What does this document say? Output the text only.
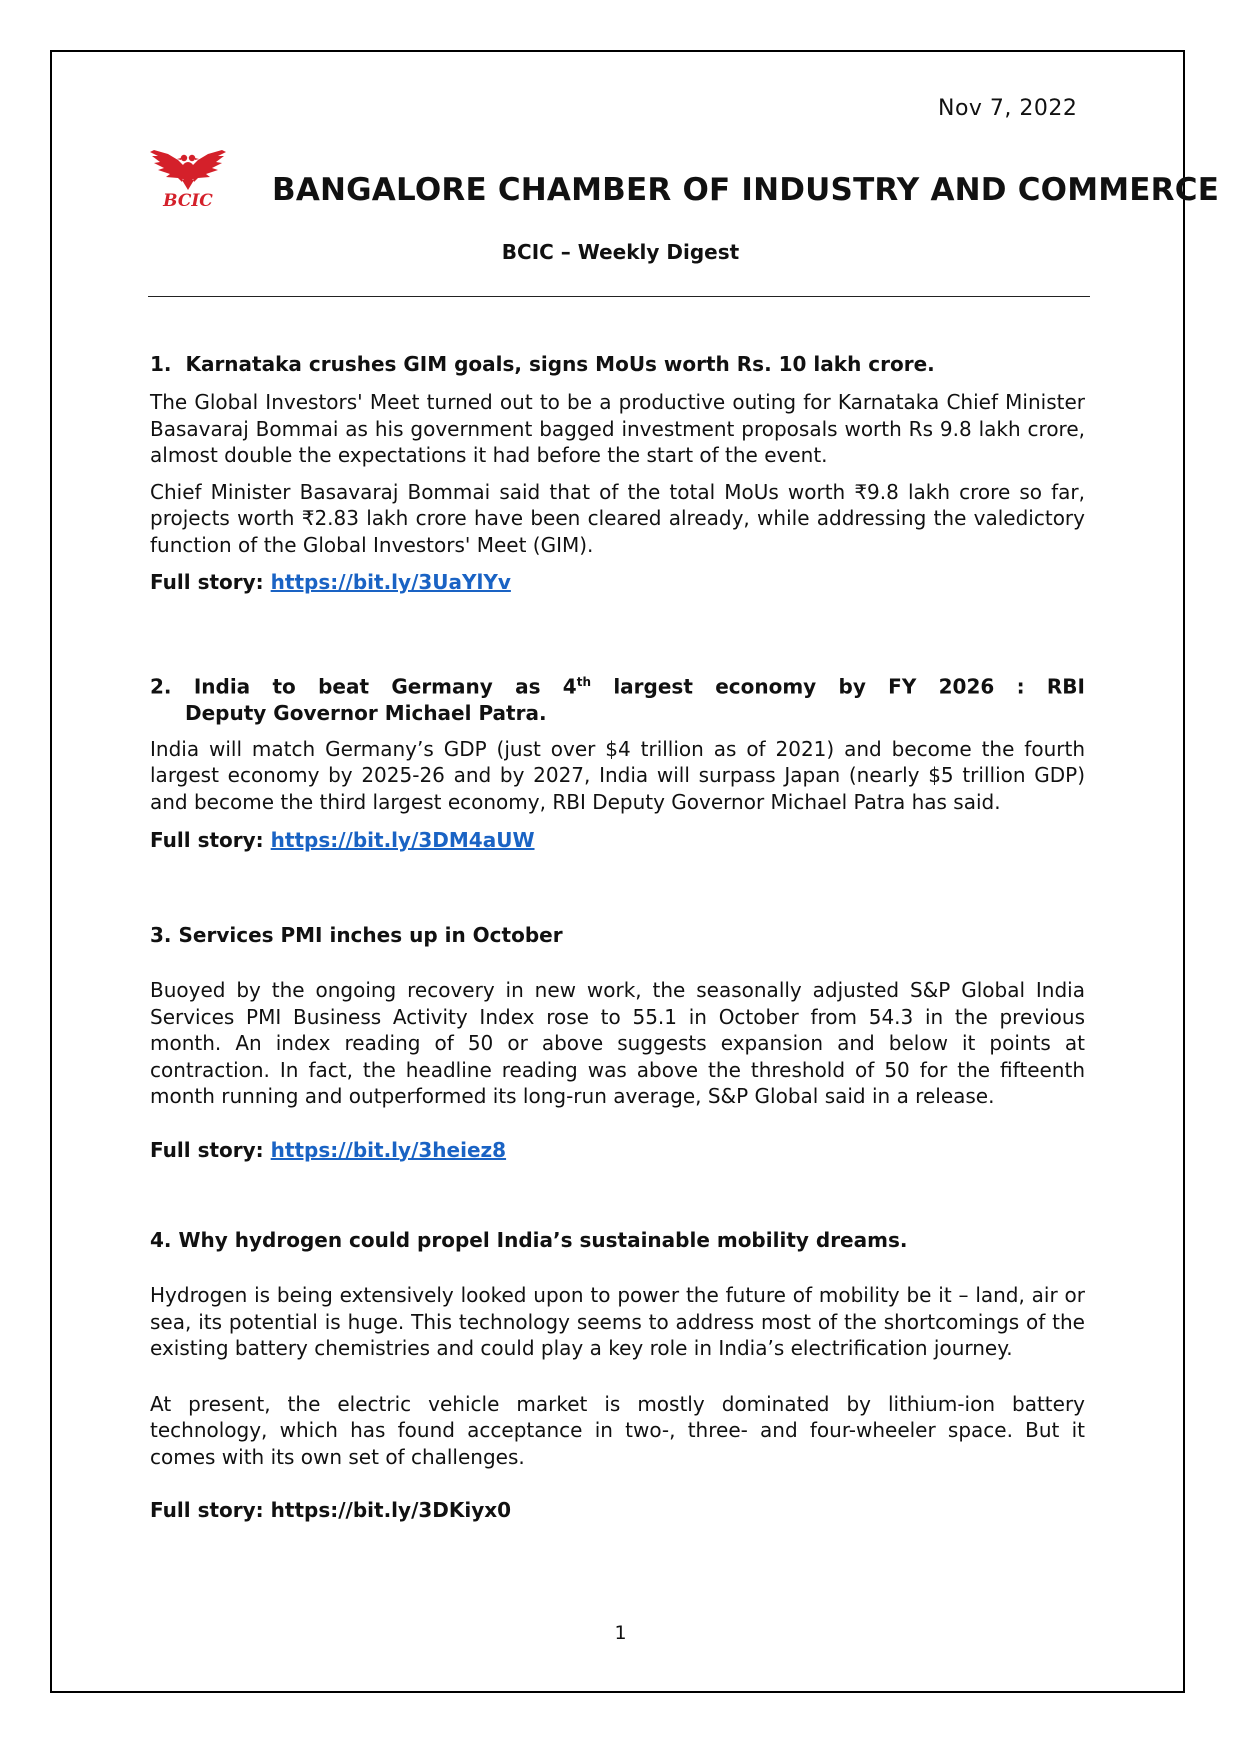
Nov 7, 2022
BCIC BANGALORE CHAMBER OF INDUSTRY AND COMMERCE
BCIC – Weekly Digest
1. Karnataka crushes GIM goals, signs MoUs worth Rs. 10 lakh crore.

The Global Investors' Meet turned out to be a productive outing for Karnataka Chief Minister Basavaraj Bommai as his government bagged investment proposals worth Rs 9.8 lakh crore, almost double the expectations it had before the start of the event.

Chief Minister Basavaraj Bommai said that of the total MoUs worth ₹9.8 lakh crore so far, projects worth ₹2.83 lakh crore have been cleared already, while addressing the valedictory function of the Global Investors' Meet (GIM).

Full story: https://bit.ly/3UaYlYv
2. India to beat Germany as 4th largest economy by FY 2026 : RBI
Deputy Governor Michael Patra.

India will match Germany’s GDP (just over $4 trillion as of 2021) and become the fourth largest economy by 2025-26 and by 2027, India will surpass Japan (nearly $5 trillion GDP) and become the third largest economy, RBI Deputy Governor Michael Patra has said.

Full story: https://bit.ly/3DM4aUW
3. Services PMI inches up in October

Buoyed by the ongoing recovery in new work, the seasonally adjusted S&P Global India Services PMI Business Activity Index rose to 55.1 in October from 54.3 in the previous month. An index reading of 50 or above suggests expansion and below it points at contraction. In fact, the headline reading was above the threshold of 50 for the fifteenth month running and outperformed its long-run average, S&P Global said in a release.

Full story: https://bit.ly/3heiez8
4. Why hydrogen could propel India’s sustainable mobility dreams.

Hydrogen is being extensively looked upon to power the future of mobility be it – land, air or sea, its potential is huge. This technology seems to address most of the shortcomings of the existing battery chemistries and could play a key role in India’s electrification journey.

At present, the electric vehicle market is mostly dominated by lithium-ion battery technology, which has found acceptance in two-, three- and four-wheeler space. But it comes with its own set of challenges.

Full story: https://bit.ly/3DKiyx0
1
